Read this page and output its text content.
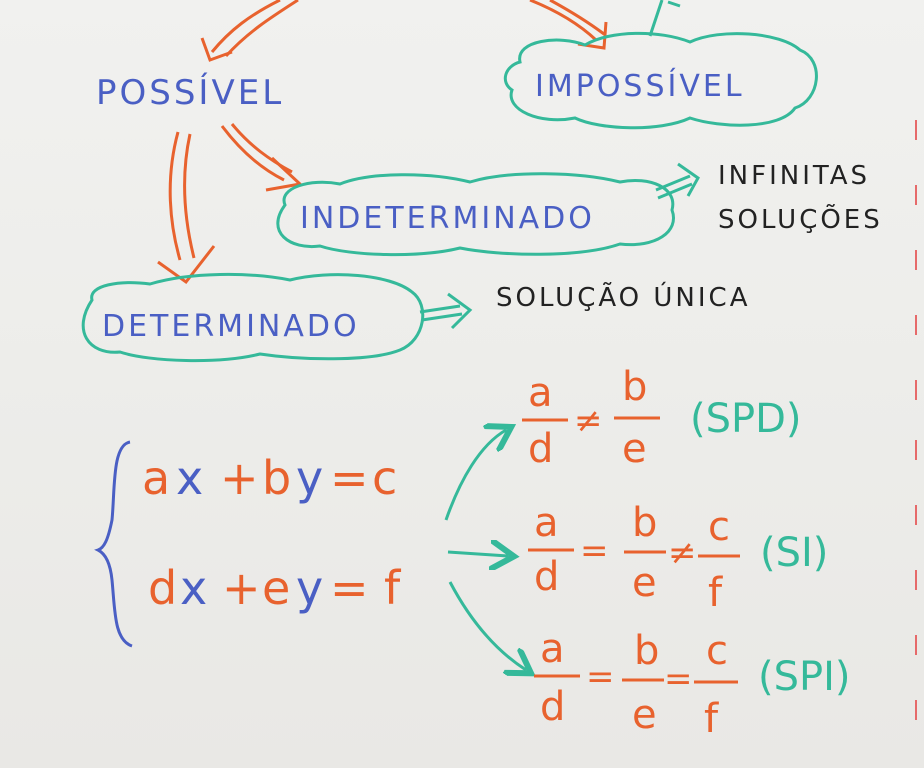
POSSÍVEL	IMPOSSÍVEL
INDETERMINADO
INFINITAS
SOLUÇÕES
DETERMINADO
SOLUÇÃO ÚNICA
a x + b y = c
d x + e y = f
a
d
≠
b
e
(SPD)
a
d
=
b
e
≠
c
f
(SI)
a
d
=
b
e
=
c
f
(SPI)
